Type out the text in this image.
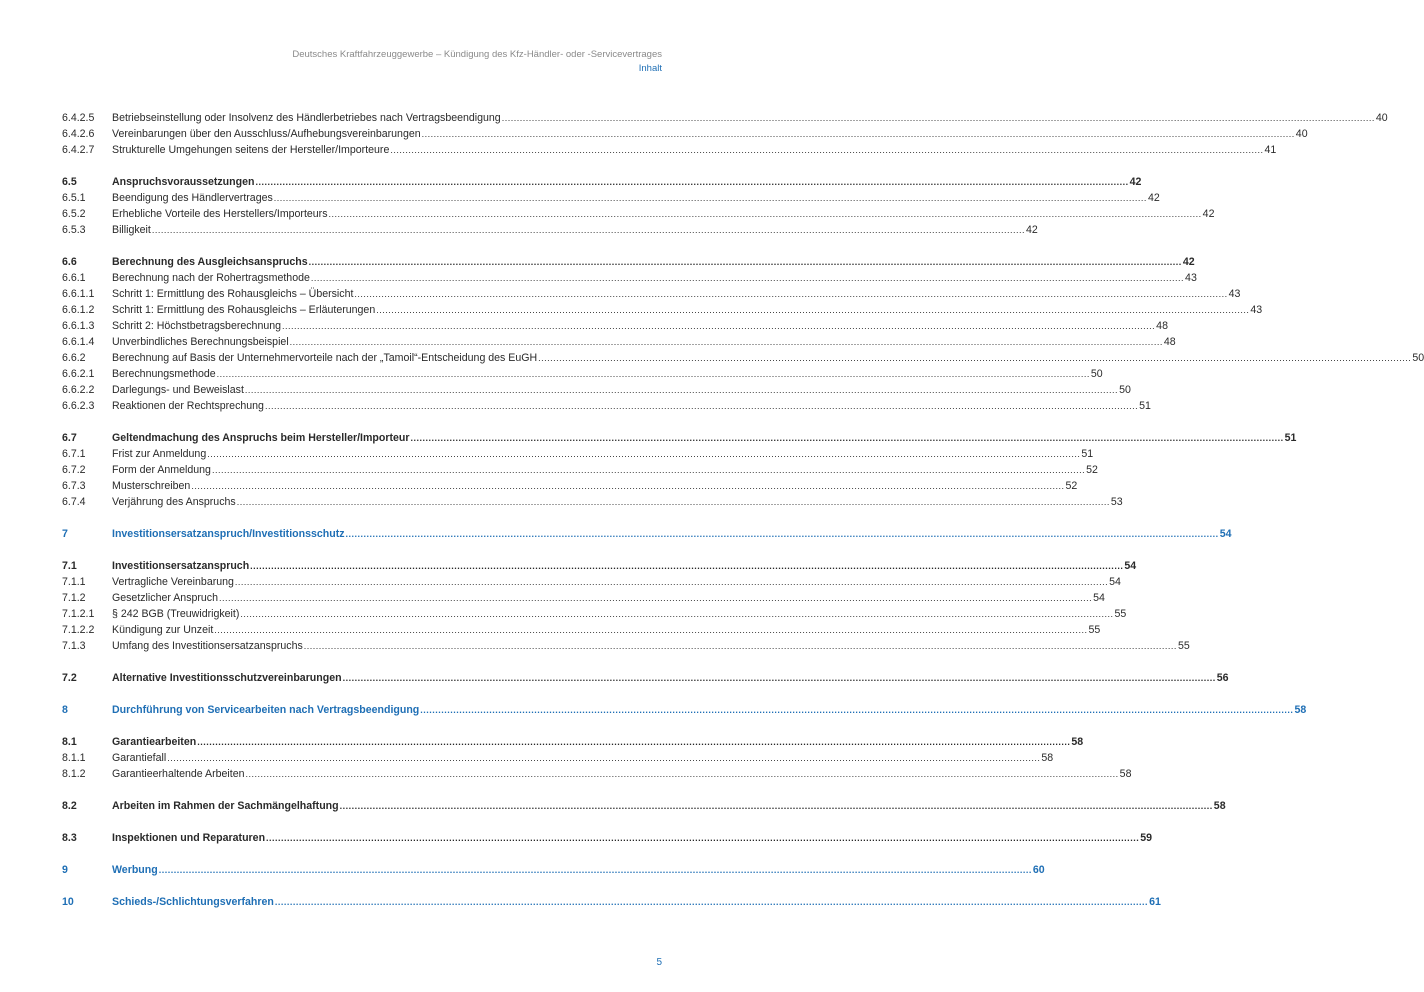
Deutsches Kraftfahrzeuggewerbe – Kündigung des Kfz-Händler- oder -Servicevertrages
Inhalt
6.4.2.5	Betriebseinstellung oder Insolvenz des Händlerbetriebes nach Vertragsbeendigung .....	40
6.4.2.6	Vereinbarungen über den Ausschluss/Aufhebungsvereinbarungen .....	40
6.4.2.7	Strukturelle Umgehungen seitens der Hersteller/Importeure .....	41
6.5	Anspruchsvoraussetzungen .....	42
6.5.1	Beendigung des Händlervertrages .....	42
6.5.2	Erhebliche Vorteile des Herstellers/Importeurs .....	42
6.5.3	Billigkeit .....	42
6.6	Berechnung des Ausgleichsanspruchs .....	42
6.6.1	Berechnung nach der Rohertragsmethode .....	43
6.6.1.1	Schritt 1: Ermittlung des Rohausgleichs – Übersicht .....	43
6.6.1.2	Schritt 1: Ermittlung des Rohausgleichs – Erläuterungen .....	43
6.6.1.3	Schritt 2: Höchstbetragsberechnung .....	48
6.6.1.4	Unverbindliches Berechnungsbeispiel .....	48
6.6.2	Berechnung auf Basis der Unternehmervorteile nach der „Tamoil“-Entscheidung des EuGH .....	50
6.6.2.1	Berechnungsmethode .....	50
6.6.2.2	Darlegungs- und Beweislast .....	50
6.6.2.3	Reaktionen der Rechtsprechung .....	51
6.7	Geltendmachung des Anspruchs beim Hersteller/Importeur .....	51
6.7.1	Frist zur Anmeldung .....	51
6.7.2	Form der Anmeldung .....	52
6.7.3	Musterschreiben .....	52
6.7.4	Verjährung des Anspruchs .....	53
7	Investitionsersatzanspruch/Investitionsschutz .....	54
7.1	Investitionsersatzanspruch .....	54
7.1.1	Vertragliche Vereinbarung .....	54
7.1.2	Gesetzlicher Anspruch .....	54
7.1.2.1	§ 242 BGB (Treuwidrigkeit) .....	55
7.1.2.2	Kündigung zur Unzeit .....	55
7.1.3	Umfang des Investitionsersatzanspruchs .....	55
7.2	Alternative Investitionsschutzvereinbarungen .....	56
8	Durchführung von Servicearbeiten nach Vertragsbeendigung .....	58
8.1	Garantiearbeiten .....	58
8.1.1	Garantiefall .....	58
8.1.2	Garantieerhaltende Arbeiten .....	58
8.2	Arbeiten im Rahmen der Sachmängelhaftung .....	58
8.3	Inspektionen und Reparaturen .....	59
9	Werbung .....	60
10	Schieds-/Schlichtungsverfahren .....	61
5
